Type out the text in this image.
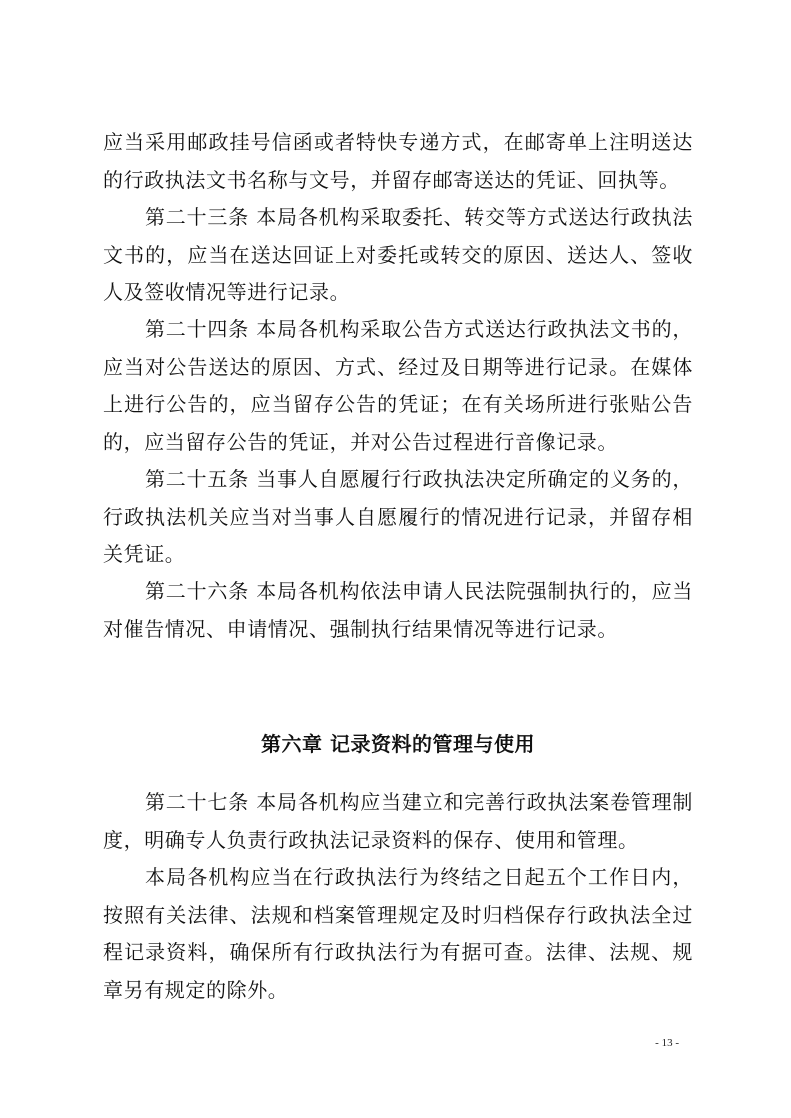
应当采用邮政挂号信函或者特快专递方式，在邮寄单上注明送达的行政执法文书名称与文号，并留存邮寄送达的凭证、回执等。

第二十三条 本局各机构采取委托、转交等方式送达行政执法文书的，应当在送达回证上对委托或转交的原因、送达人、签收人及签收情况等进行记录。

第二十四条 本局各机构采取公告方式送达行政执法文书的，应当对公告送达的原因、方式、经过及日期等进行记录。在媒体上进行公告的，应当留存公告的凭证；在有关场所进行张贴公告的，应当留存公告的凭证，并对公告过程进行音像记录。

第二十五条 当事人自愿履行行政执法决定所确定的义务的，行政执法机关应当对当事人自愿履行的情况进行记录，并留存相关凭证。

第二十六条 本局各机构依法申请人民法院强制执行的，应当对催告情况、申请情况、强制执行结果情况等进行记录。

第六章 记录资料的管理与使用

第二十七条 本局各机构应当建立和完善行政执法案卷管理制度，明确专人负责行政执法记录资料的保存、使用和管理。

本局各机构应当在行政执法行为终结之日起五个工作日内，按照有关法律、法规和档案管理规定及时归档保存行政执法全过程记录资料，确保所有行政执法行为有据可查。法律、法规、规章另有规定的除外。

- 13 -
